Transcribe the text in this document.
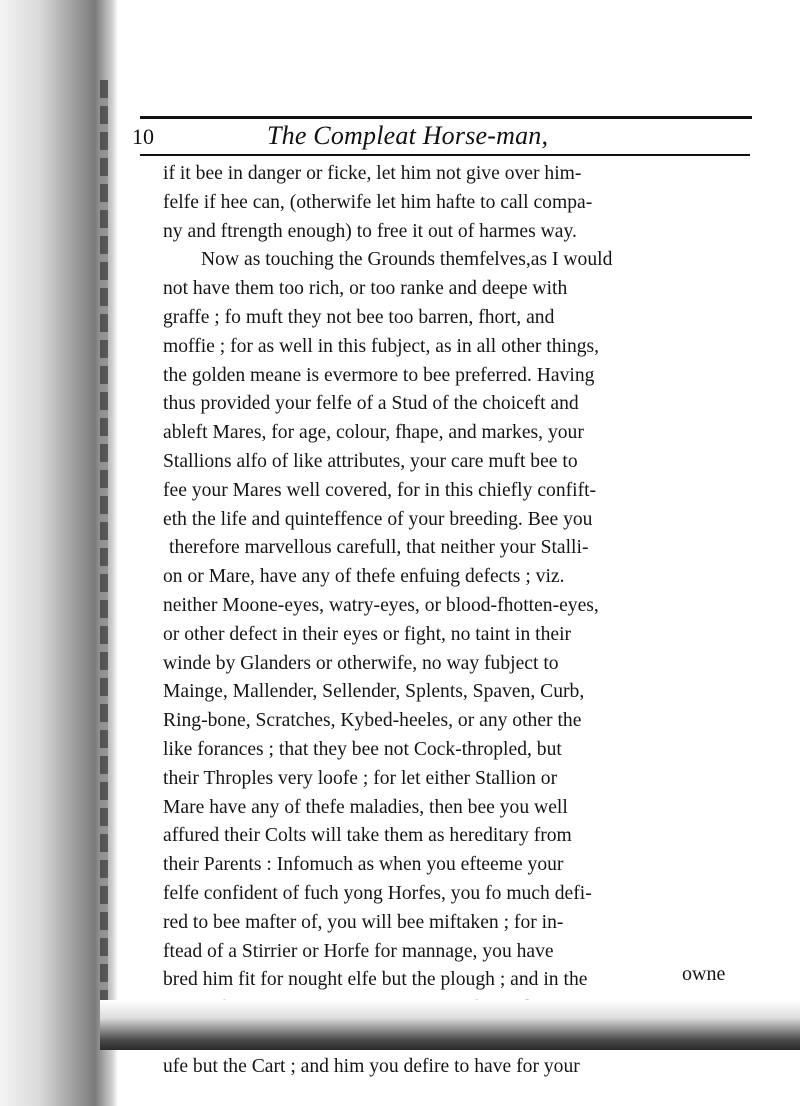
10	The Compleat Horse-man,
if it bee in danger or ficke, let him not give over him-
felfe if hee can, (otherwife let him hafte to call compa-
ny and ftrength enough) to free it out of harmes way.
Now as touching the Grounds themfelves,as I would
not have them too rich, or too ranke and deepe with
graffe ; fo muft they not bee too barren, fhort, and
moffie ; for as well in this fubject, as in all other things,
the golden meane is evermore to bee preferred. Having
thus provided your felfe of a Stud of the choiceft and
ableft Mares, for age, colour, fhape, and markes, your
Stallions alfo of like attributes, your care muft bee to
fee your Mares well covered, for in this chiefly confift-
eth the life and quinteffence of your breeding. Bee you
therefore marvellous carefull, that neither your Stalli-
on or Mare, have any of thefe enfuing defects ; viz.
neither Moone-eyes, watry-eyes, or blood-fhotten-eyes,
or other defect in their eyes or fight, no taint in their
winde by Glanders or otherwife, no way fubject to
Mainge, Mallender, Sellender, Splents, Spaven, Curb,
Ring-bone, Scratches, Kybed-heeles, or any other the
like forances ; that they bee not Cock-thropled, but
their Throples very loofe ; for let either Stallion or
Mare have any of thefe maladies, then bee you well
affured their Colts will take them as hereditary from
their Parents : Infomuch as when you efteeme your
felfe confident of fuch yong Horfes, you fo much defi-
red to bee mafter of, you will bee miftaken ; for in-
ftead of a Stirrier or Horfe for mannage, you have
bred him fit for nought elfe but the plough ; and in the
ufe but the Cart ; and him you defire to have for your
owne
